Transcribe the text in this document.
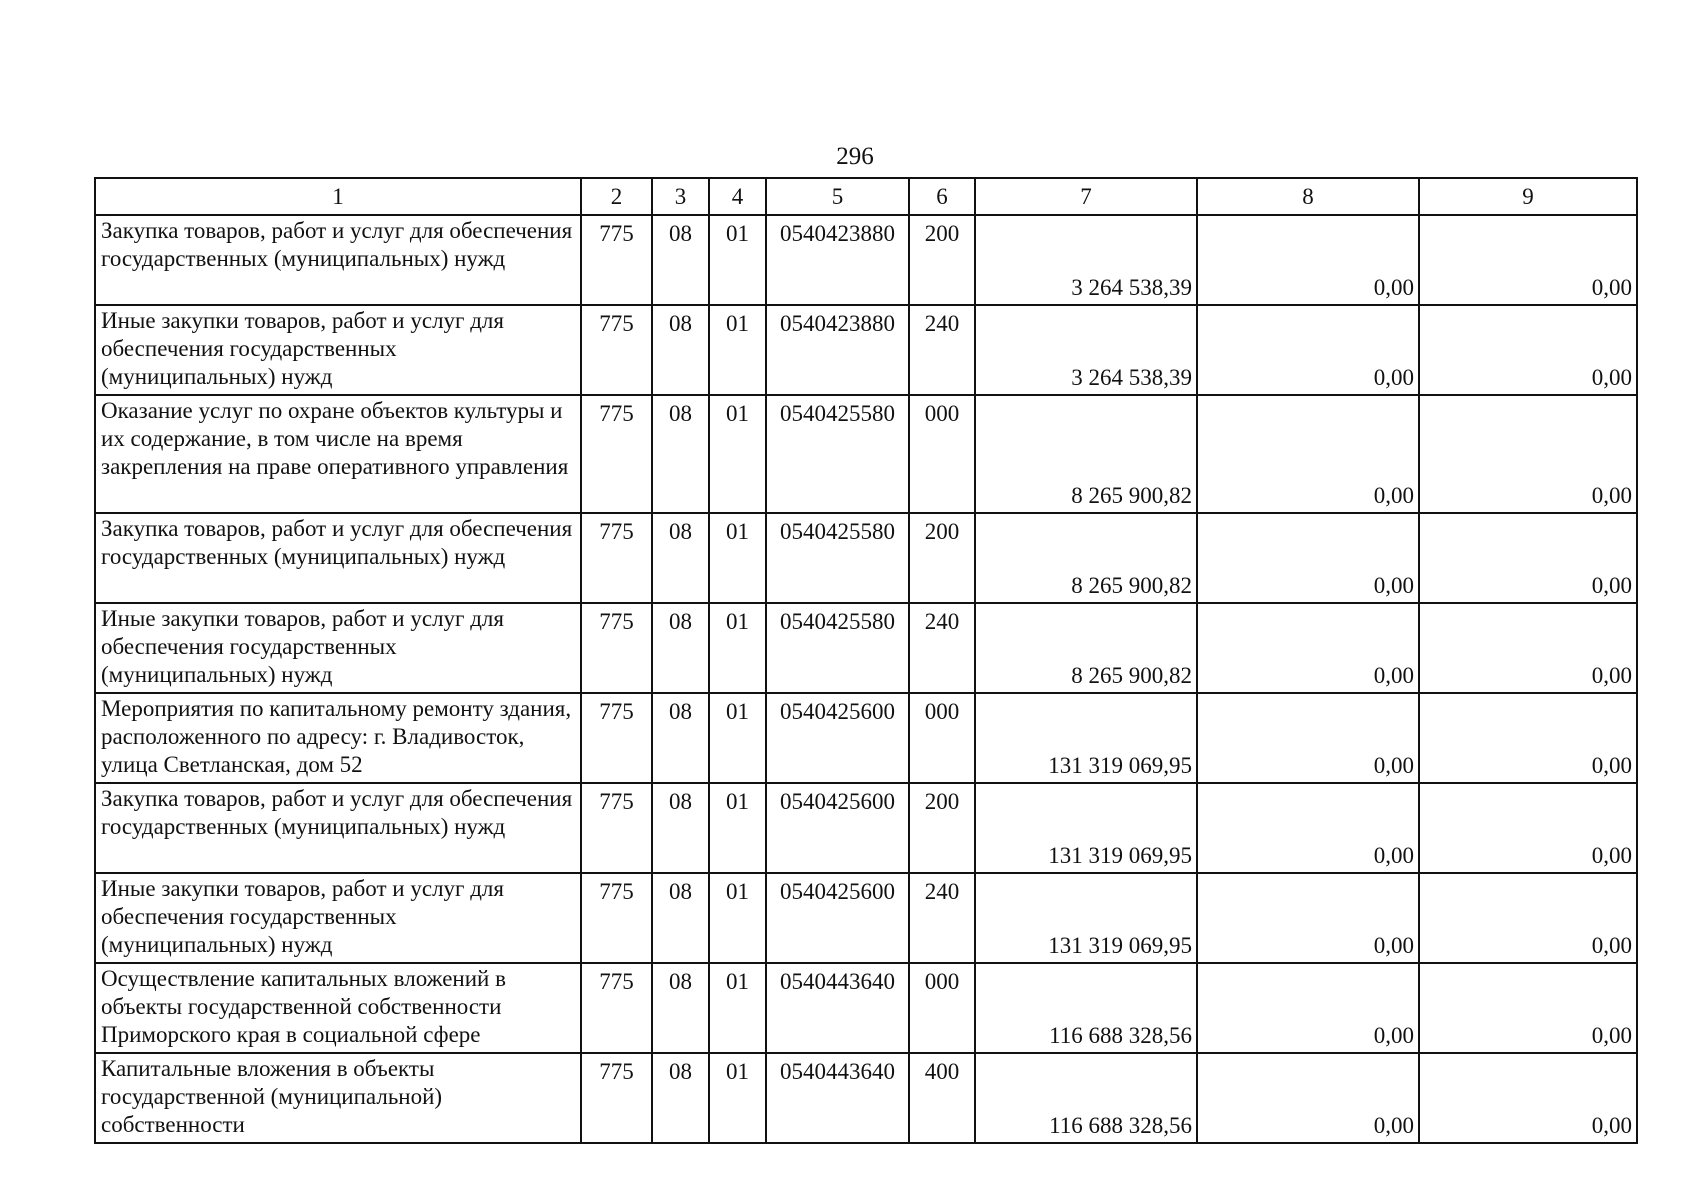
296
1	2	3	4	5	6	7	8	9
Закупка товаров, работ и услуг для обеспечения государственных (муниципальных) нужд	775	08	01	0540423880	200	3 264 538,39	0,00	0,00
Иные закупки товаров, работ и услуг для обеспечения государственных (муниципальных) нужд	775	08	01	0540423880	240	3 264 538,39	0,00	0,00
Оказание услуг по охране объектов культуры и их содержание, в том числе на время закрепления на праве оперативного управления	775	08	01	0540425580	000	8 265 900,82	0,00	0,00
Закупка товаров, работ и услуг для обеспечения государственных (муниципальных) нужд	775	08	01	0540425580	200	8 265 900,82	0,00	0,00
Иные закупки товаров, работ и услуг для обеспечения государственных (муниципальных) нужд	775	08	01	0540425580	240	8 265 900,82	0,00	0,00
Мероприятия по капитальному ремонту здания, расположенного по адресу: г. Владивосток, улица Светланская, дом 52	775	08	01	0540425600	000	131 319 069,95	0,00	0,00
Закупка товаров, работ и услуг для обеспечения государственных (муниципальных) нужд	775	08	01	0540425600	200	131 319 069,95	0,00	0,00
Иные закупки товаров, работ и услуг для обеспечения государственных (муниципальных) нужд	775	08	01	0540425600	240	131 319 069,95	0,00	0,00
Осуществление капитальных вложений в объекты государственной собственности Приморского края в социальной сфере	775	08	01	0540443640	000	116 688 328,56	0,00	0,00
Капитальные вложения в объекты государственной (муниципальной) собственности	775	08	01	0540443640	400	116 688 328,56	0,00	0,00
